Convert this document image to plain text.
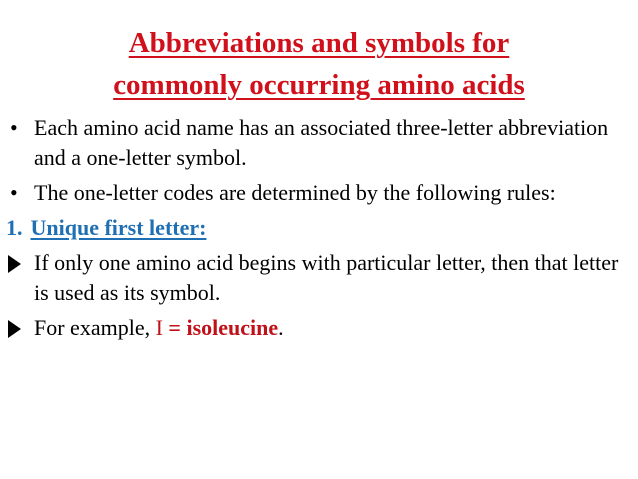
Abbreviations and symbols for
commonly occurring amino acids
• Each amino acid name has an associated three-letter abbreviation and a one-letter symbol.
• The one-letter codes are determined by the following rules:
1. Unique first letter:
If only one amino acid begins with particular letter, then that letter is used as its symbol.
For example, I = isoleucine.
